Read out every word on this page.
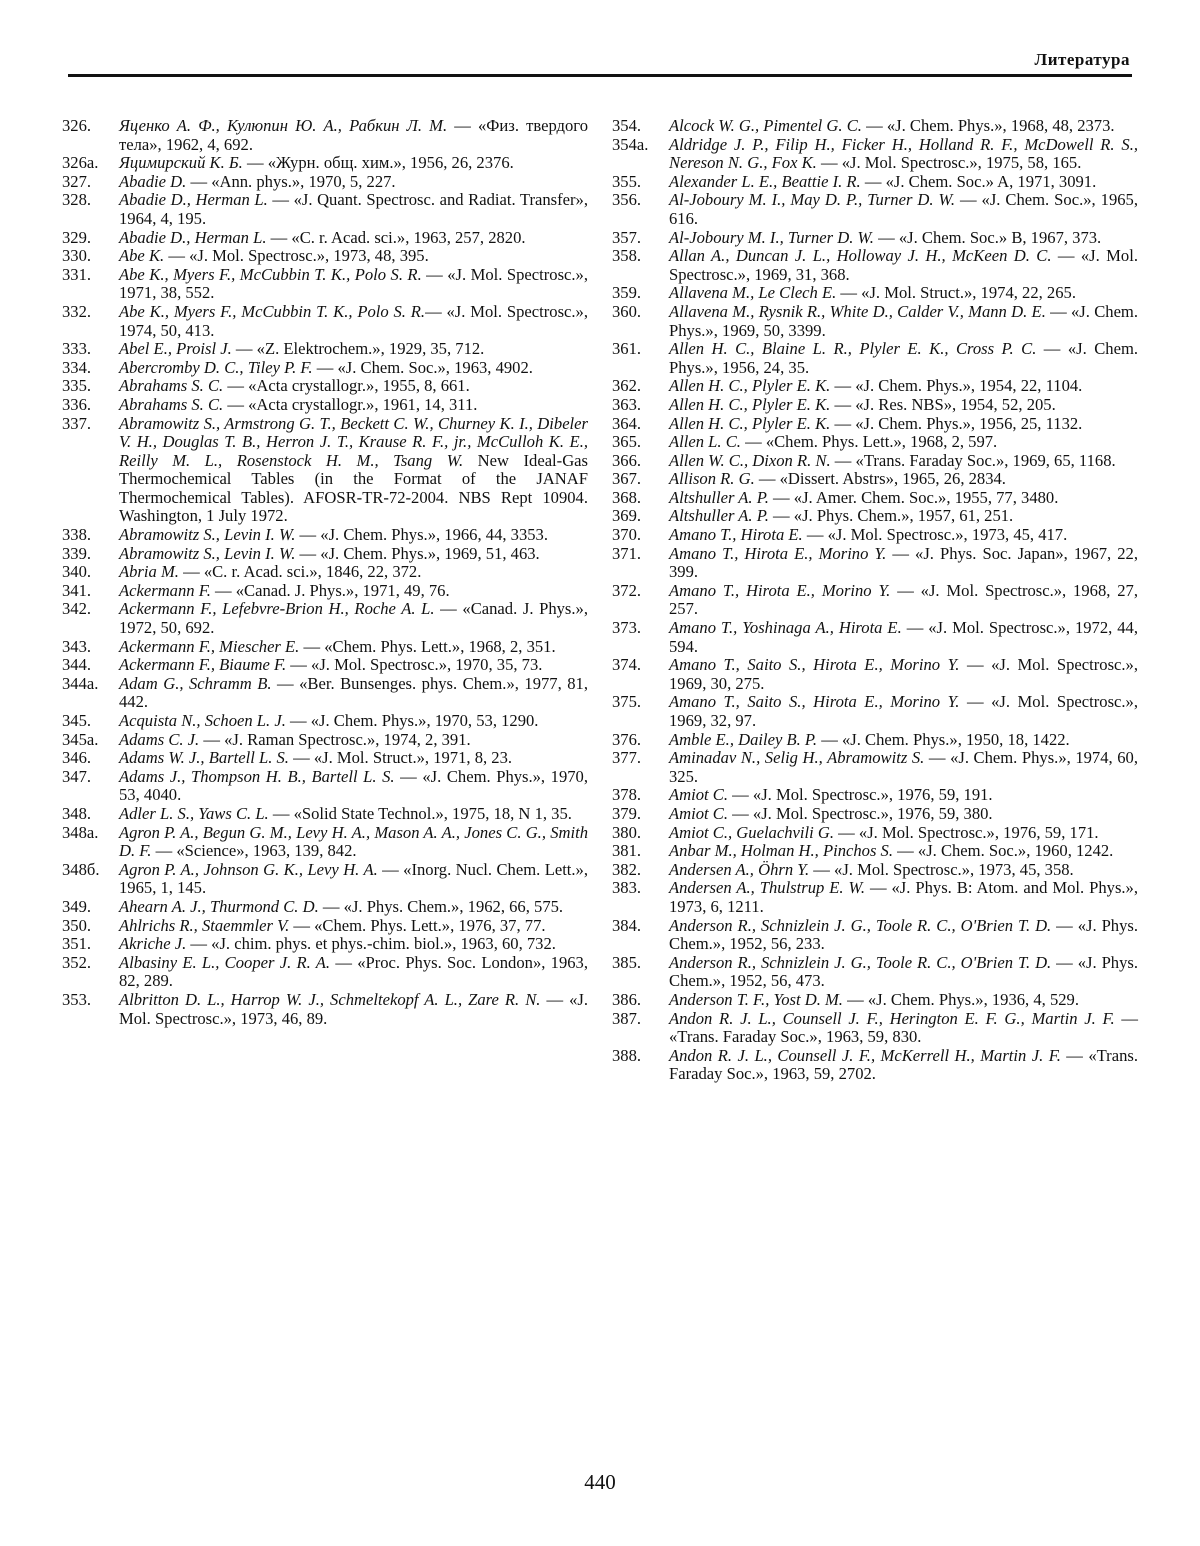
Литература
326.	Яценко А. Ф., Кулюпин Ю. А., Рабкин Л. М. — «Физ. твердого тела», 1962, 4, 692.
326а.	Яцимирский К. Б. — «Журн. общ. хим.», 1956, 26, 2376.
327.	Abadie D. — «Ann. phys.», 1970, 5, 227.
328.	Abadie D., Herman L. — «J. Quant. Spectrosc. and Radiat. Transfer», 1964, 4, 195.
329.	Abadie D., Herman L. — «C. r. Acad. sci.», 1963, 257, 2820.
330.	Abe K. — «J. Mol. Spectrosc.», 1973, 48, 395.
331.	Abe K., Myers F., McCubbin T. K., Polo S. R. — «J. Mol. Spectrosc.», 1971, 38, 552.
332.	Abe K., Myers F., McCubbin T. K., Polo S. R.— «J. Mol. Spectrosc.», 1974, 50, 413.
333.	Abel E., Proisl J. — «Z. Elektrochem.», 1929, 35, 712.
334.	Abercromby D. C., Tiley P. F. — «J. Chem. Soc.», 1963, 4902.
335.	Abrahams S. C. — «Acta crystallogr.», 1955, 8, 661.
336.	Abrahams S. C. — «Acta crystallogr.», 1961, 14, 311.
337.	Abramowitz S., Armstrong G. T., Beckett C. W., Churney K. I., Dibeler V. H., Douglas T. B., Herron J. T., Krause R. F., jr., McCulloh K. E., Reilly M. L., Rosenstock H. M., Tsang W. New Ideal-Gas Thermochemical Tables (in the Format of the JANAF Thermochemical Tables). AFOSR-TR-72-2004. NBS Rept 10904. Washington, 1 July 1972.
338.	Abramowitz S., Levin I. W. — «J. Chem. Phys.», 1966, 44, 3353.
339.	Abramowitz S., Levin I. W. — «J. Chem. Phys.», 1969, 51, 463.
340.	Abria M. — «C. r. Acad. sci.», 1846, 22, 372.
341.	Ackermann F. — «Canad. J. Phys.», 1971, 49, 76.
342.	Ackermann F., Lefebvre-Brion H., Roche A. L. — «Canad. J. Phys.», 1972, 50, 692.
343.	Ackermann F., Miescher E. — «Chem. Phys. Lett.», 1968, 2, 351.
344.	Ackermann F., Biaume F. — «J. Mol. Spectrosc.», 1970, 35, 73.
344а.	Adam G., Schramm B. — «Ber. Bunsenges. phys. Chem.», 1977, 81, 442.
345.	Acquista N., Schoen L. J. — «J. Chem. Phys.», 1970, 53, 1290.
345а.	Adams C. J. — «J. Raman Spectrosc.», 1974, 2, 391.
346.	Adams W. J., Bartell L. S. — «J. Mol. Struct.», 1971, 8, 23.
347.	Adams J., Thompson H. B., Bartell L. S. — «J. Chem. Phys.», 1970, 53, 4040.
348.	Adler L. S., Yaws C. L. — «Solid State Technol.», 1975, 18, N 1, 35.
348а.	Agron P. A., Begun G. M., Levy H. A., Mason A. A., Jones C. G., Smith D. F. — «Science», 1963, 139, 842.
348б.	Agron P. A., Johnson G. K., Levy H. A. — «Inorg. Nucl. Chem. Lett.», 1965, 1, 145.
349.	Ahearn A. J., Thurmond C. D. — «J. Phys. Chem.», 1962, 66, 575.
350.	Ahlrichs R., Staemmler V. — «Chem. Phys. Lett.», 1976, 37, 77.
351.	Akriche J. — «J. chim. phys. et phys.-chim. biol.», 1963, 60, 732.
352.	Albasiny E. L., Cooper J. R. A. — «Proc. Phys. Soc. London», 1963, 82, 289.
353.	Albritton D. L., Harrop W. J., Schmeltekopf A. L., Zare R. N. — «J. Mol. Spectrosc.», 1973, 46, 89.
354.	Alcock W. G., Pimentel G. C. — «J. Chem. Phys.», 1968, 48, 2373.
354а.	Aldridge J. P., Filip H., Ficker H., Holland R. F., McDowell R. S., Nereson N. G., Fox K. — «J. Mol. Spectrosc.», 1975, 58, 165.
355.	Alexander L. E., Beattie I. R. — «J. Chem. Soc.» A, 1971, 3091.
356.	Al-Joboury M. I., May D. P., Turner D. W. — «J. Chem. Soc.», 1965, 616.
357.	Al-Joboury M. I., Turner D. W. — «J. Chem. Soc.» B, 1967, 373.
358.	Allan A., Duncan J. L., Holloway J. H., McKeen D. C. — «J. Mol. Spectrosc.», 1969, 31, 368.
359.	Allavena M., Le Clech E. — «J. Mol. Struct.», 1974, 22, 265.
360.	Allavena M., Rysnik R., White D., Calder V., Mann D. E. — «J. Chem. Phys.», 1969, 50, 3399.
361.	Allen H. C., Blaine L. R., Plyler E. K., Cross P. C. — «J. Chem. Phys.», 1956, 24, 35.
362.	Allen H. C., Plyler E. K. — «J. Chem. Phys.», 1954, 22, 1104.
363.	Allen H. C., Plyler E. K. — «J. Res. NBS», 1954, 52, 205.
364.	Allen H. C., Plyler E. K. — «J. Chem. Phys.», 1956, 25, 1132.
365.	Allen L. C. — «Chem. Phys. Lett.», 1968, 2, 597.
366.	Allen W. C., Dixon R. N. — «Trans. Faraday Soc.», 1969, 65, 1168.
367.	Allison R. G. — «Dissert. Abstrs», 1965, 26, 2834.
368.	Altshuller A. P. — «J. Amer. Chem. Soc.», 1955, 77, 3480.
369.	Altshuller A. P. — «J. Phys. Chem.», 1957, 61, 251.
370.	Amano T., Hirota E. — «J. Mol. Spectrosc.», 1973, 45, 417.
371.	Amano T., Hirota E., Morino Y. — «J. Phys. Soc. Japan», 1967, 22, 399.
372.	Amano T., Hirota E., Morino Y. — «J. Mol. Spectrosc.», 1968, 27, 257.
373.	Amano T., Yoshinaga A., Hirota E. — «J. Mol. Spectrosc.», 1972, 44, 594.
374.	Amano T., Saito S., Hirota E., Morino Y. — «J. Mol. Spectrosc.», 1969, 30, 275.
375.	Amano T., Saito S., Hirota E., Morino Y. — «J. Mol. Spectrosc.», 1969, 32, 97.
376.	Amble E., Dailey B. P. — «J. Chem. Phys.», 1950, 18, 1422.
377.	Aminadav N., Selig H., Abramowitz S. — «J. Chem. Phys.», 1974, 60, 325.
378.	Amiot C. — «J. Mol. Spectrosc.», 1976, 59, 191.
379.	Amiot C. — «J. Mol. Spectrosc.», 1976, 59, 380.
380.	Amiot C., Guelachvili G. — «J. Mol. Spectrosc.», 1976, 59, 171.
381.	Anbar M., Holman H., Pinchos S. — «J. Chem. Soc.», 1960, 1242.
382.	Andersen A., Öhrn Y. — «J. Mol. Spectrosc.», 1973, 45, 358.
383.	Andersen A., Thulstrup E. W. — «J. Phys. B: Atom. and Mol. Phys.», 1973, 6, 1211.
384.	Anderson R., Schnizlein J. G., Toole R. C., O'Brien T. D. — «J. Phys. Chem.», 1952, 56, 233.
385.	Anderson R., Schnizlein J. G., Toole R. C., O'Brien T. D. — «J. Phys. Chem.», 1952, 56, 473.
386.	Anderson T. F., Yost D. M. — «J. Chem. Phys.», 1936, 4, 529.
387.	Andon R. J. L., Counsell J. F., Herington E. F. G., Martin J. F. — «Trans. Faraday Soc.», 1963, 59, 830.
388.	Andon R. J. L., Counsell J. F., McKerrell H., Martin J. F. — «Trans. Faraday Soc.», 1963, 59, 2702.
440
